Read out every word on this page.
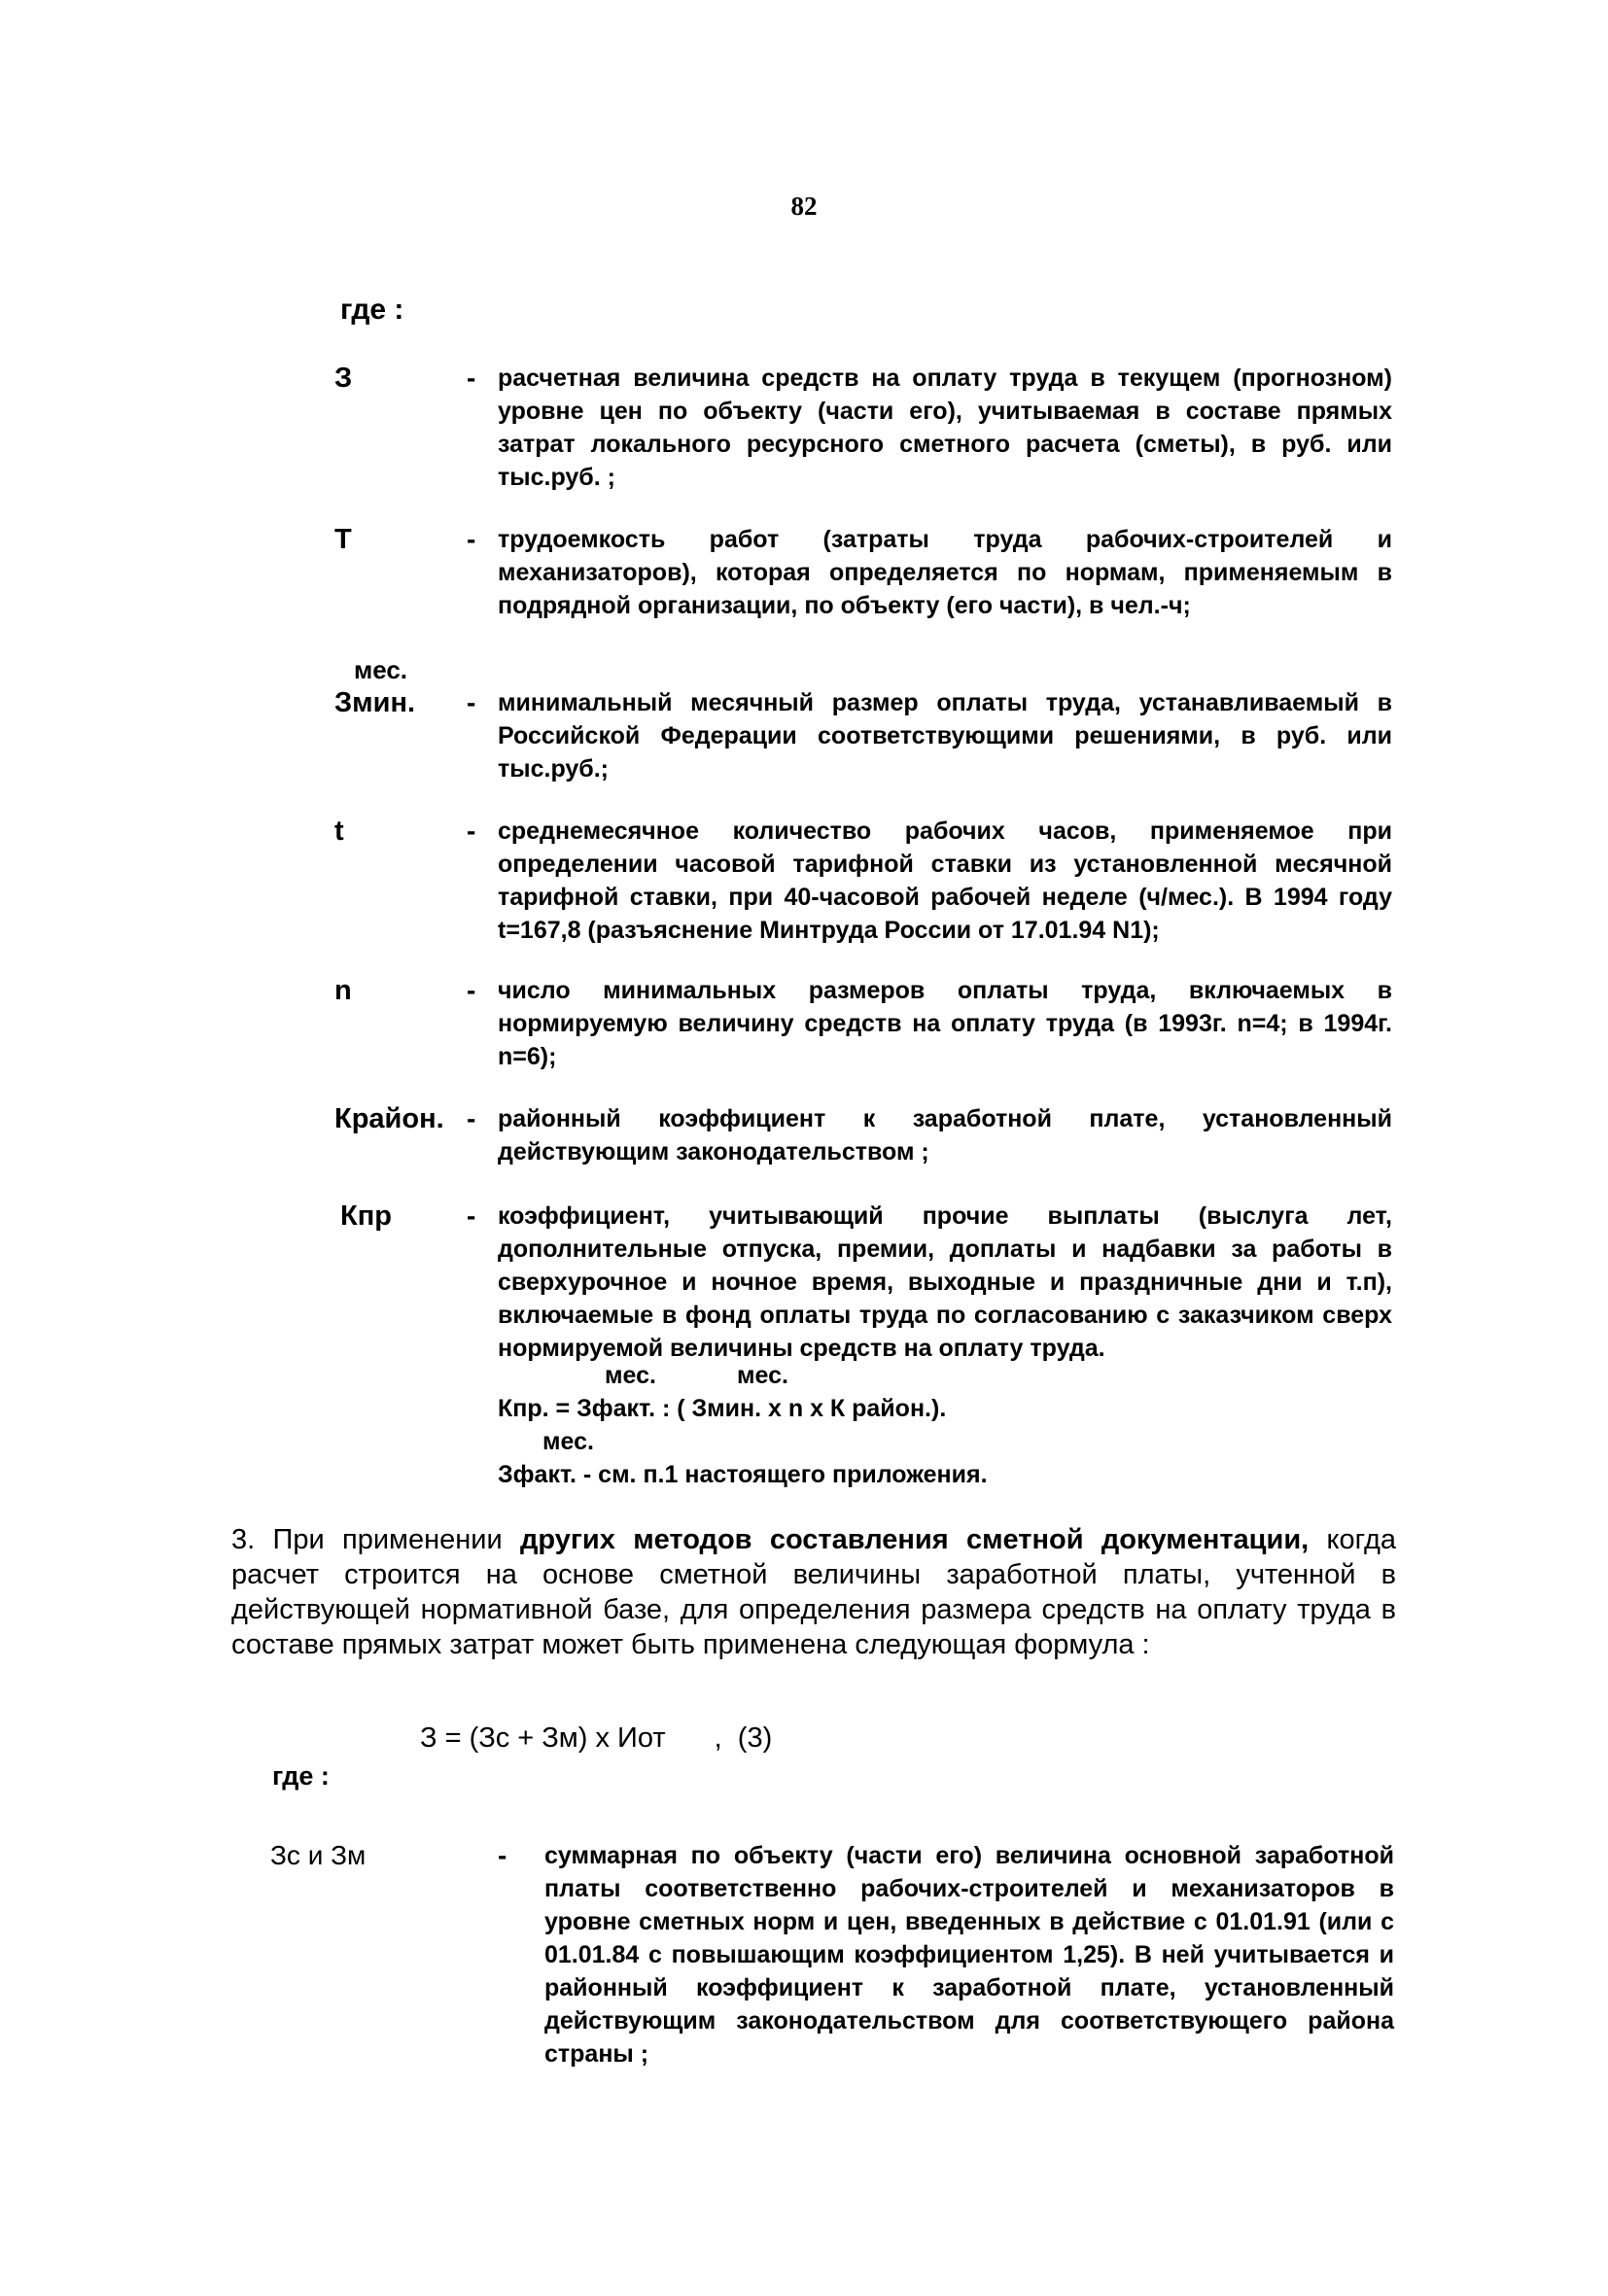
82
где :
З	- расчетная величина средств на оплату труда в текущем (прогнозном) уровне цен по объекту (части его), учитываемая в составе прямых затрат локального ресурсного сметного расчета (сметы), в руб. или тыс.руб. ;
Т	- трудоемкость работ (затраты труда рабочих-строителей и механизаторов), которая определяется по нормам, применяемым в подрядной организации, по объекту (его части), в чел.-ч;
мес.
Змин. - минимальный месячный размер оплаты труда, устанавливаемый в Российской Федерации соответствующими решениями, в руб. или тыс.руб.;
t	- среднемесячное количество рабочих часов, применяемое при определении часовой тарифной ставки из установленной месячной тарифной ставки, при 40-часовой рабочей неделе (ч/мес.). В 1994 году t=167,8 (разъяснение Минтруда России от 17.01.94 N1);
n	- число минимальных размеров оплаты труда, включаемых в нормируемую величину средств на оплату труда (в 1993г. n=4; в 1994г. n=6);
Крайон. - районный коэффициент к заработной плате, установленный действующим законодательством ;
Кпр	- коэффициент, учитывающий прочие выплаты (выслуга лет, дополнительные отпуска, премии, доплаты и надбавки за работы в сверхурочное и ночное время, выходные и праздничные дни и т.п), включаемые в фонд оплаты труда по согласованию с заказчиком сверх нормируемой величины средств на оплату труда.
мес.	мес.
Кпр. = Зфакт. : ( Змин. х n х К район.).
мес.
Зфакт. - см. п.1 настоящего приложения.
3. При применении других методов составления сметной документации, когда расчет строится на основе сметной величины заработной платы, учтенной в действующей нормативной базе, для определения размера средств на оплату труда в составе прямых затрат может быть применена следующая формула :
З = (Зс + Зм) х Иот ,  (3)
где :
Зс и Зм	- суммарная по объекту (части его) величина основной заработной платы соответственно рабочих-строителей и механизаторов в уровне сметных норм и цен, введенных в действие с 01.01.91 (или с 01.01.84 с повышающим коэффициентом 1,25). В ней учитывается и районный коэффициент к заработной плате, установленный действующим законодательством для соответствующего района страны ;
